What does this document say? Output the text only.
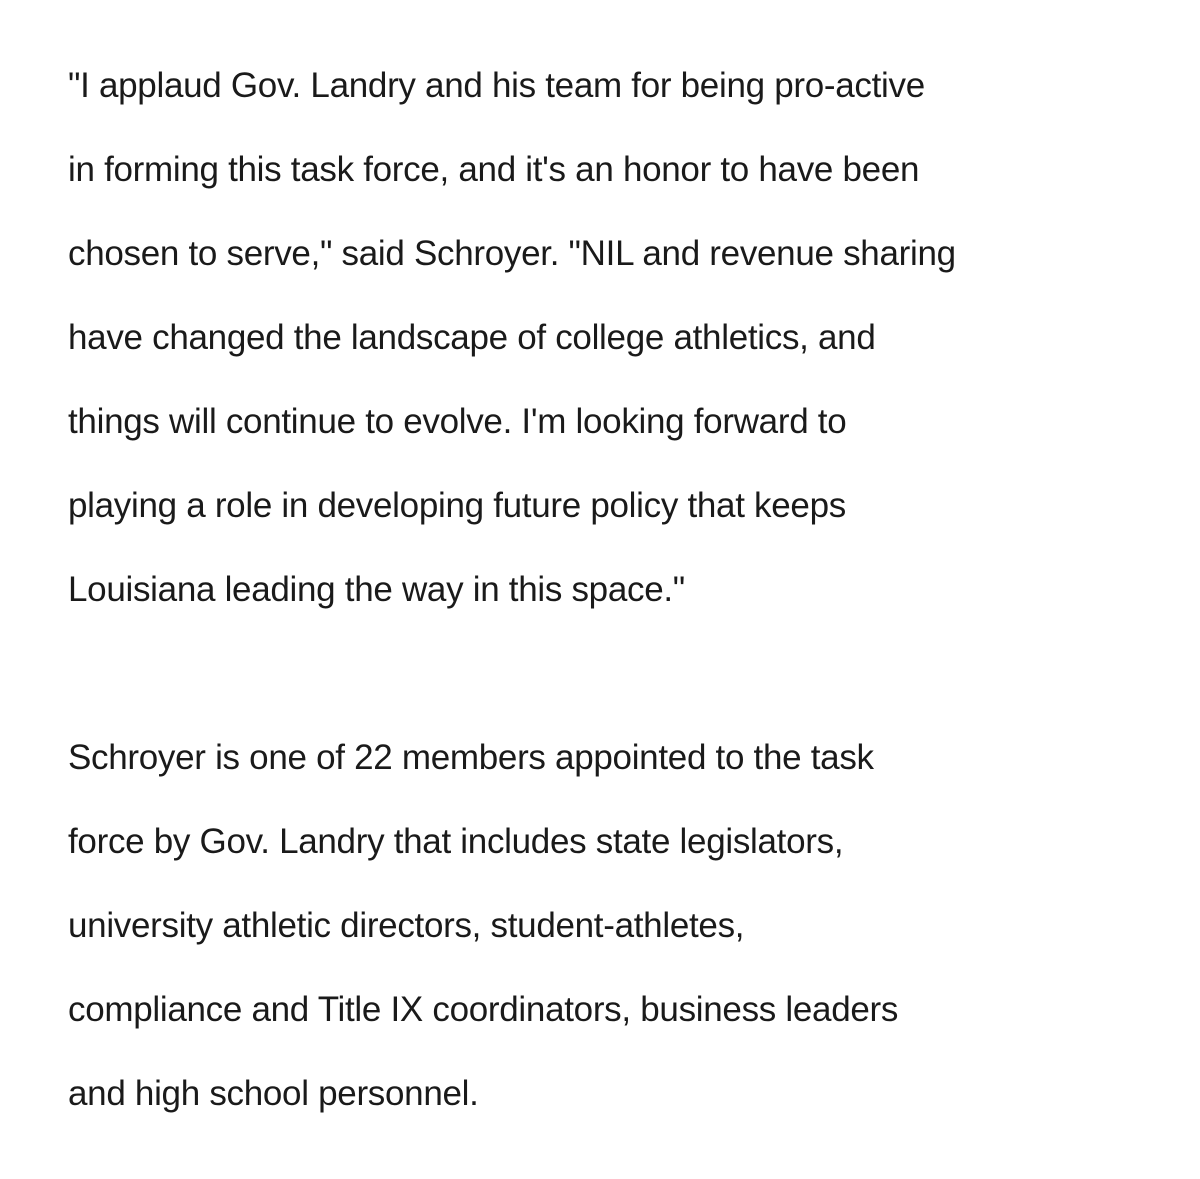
"I applaud Gov. Landry and his team for being pro-active
in forming this task force, and it's an honor to have been
chosen to serve," said Schroyer. "NIL and revenue sharing
have changed the landscape of college athletics, and
things will continue to evolve. I'm looking forward to
playing a role in developing future policy that keeps
Louisiana leading the way in this space."
Schroyer is one of 22 members appointed to the task
force by Gov. Landry that includes state legislators,
university athletic directors, student-athletes,
compliance and Title IX coordinators, business leaders
and high school personnel.
